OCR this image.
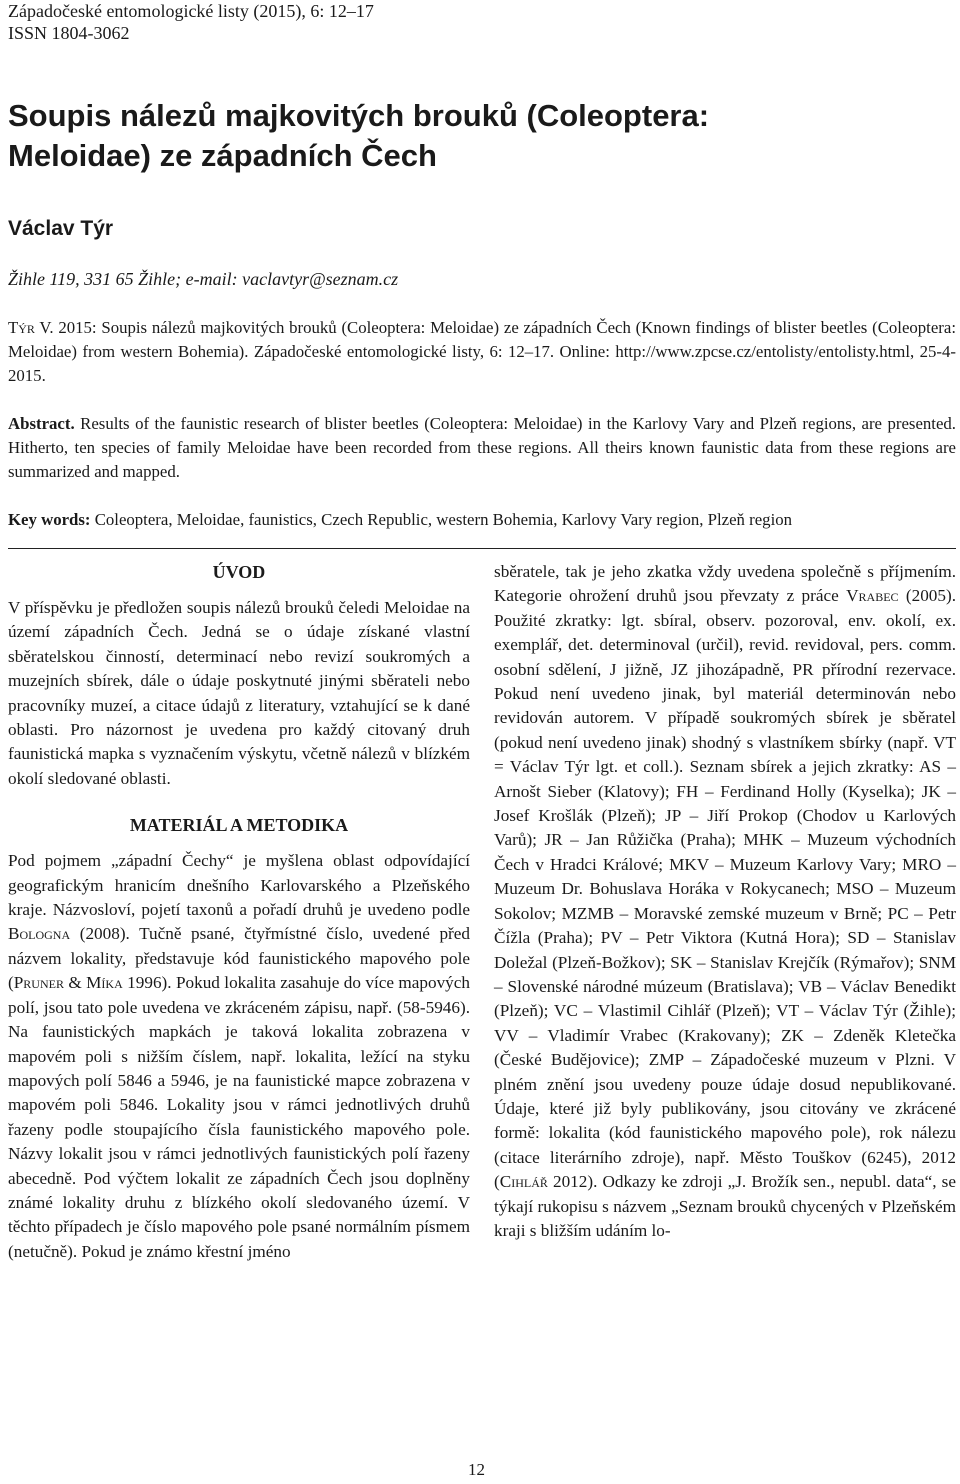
Západočeské entomologické listy (2015), 6: 12–17
ISSN 1804-3062
Soupis nálezů majkovitých brouků (Coleoptera:
Meloidae) ze západních Čech
Václav Týr
Žihle 119, 331 65 Žihle; e-mail: vaclavtyr@seznam.cz
Týr V. 2015: Soupis nálezů majkovitých brouků (Coleoptera: Meloidae) ze západních Čech (Known findings of blister beetles (Coleoptera: Meloidae) from western Bohemia). Západočeské entomologické listy, 6: 12–17. Online: http://www.zpcse.cz/entolisty/entolisty.html, 25-4-2015.
Abstract. Results of the faunistic research of blister beetles (Coleoptera: Meloidae) in the Karlovy Vary and Plzeň regions, are presented. Hitherto, ten species of family Meloidae have been recorded from these regions. All theirs known faunistic data from these regions are summarized and mapped.
Key words: Coleoptera, Meloidae, faunistics, Czech Republic, western Bohemia, Karlovy Vary region, Plzeň region
ÚVOD

V příspěvku je předložen soupis nálezů brouků čeledi Meloidae na území západních Čech. Jedná se o údaje získané vlastní sběratelskou činností, determinací nebo revizí soukromých a muzejních sbírek, dále o údaje poskytnuté jinými sběrateli nebo pracovníky muzeí, a citace údajů z literatury, vztahující se k dané oblasti. Pro názornost je uvedena pro každý citovaný druh faunistická mapka s vyznačením výskytu, včetně nálezů v blízkém okolí sledované oblasti.

MATERIÁL A METODIKA

Pod pojmem „západní Čechy“ je myšlena oblast odpovídající geografickým hranicím dnešního Karlovarského a Plzeňského kraje. Názvosloví, pojetí taxonů a pořadí druhů je uvedeno podle Bologna (2008). Tučně psané, čtyřmístné číslo, uvedené před názvem lokality, představuje kód faunistického mapového pole (Pruner & Míka 1996). Pokud lokalita zasahuje do více mapových polí, jsou tato pole uvedena ve zkráceném zápisu, např. (58-5946). Na faunistických mapkách je taková lokalita zobrazena v mapovém poli s nižším číslem, např. lokalita, ležící na styku mapových polí 5846 a 5946, je na faunistické mapce zobrazena v mapovém poli 5846. Lokality jsou v rámci jednotlivých druhů řazeny podle stoupajícího čísla faunistického mapového pole. Názvy lokalit jsou v rámci jednotlivých faunistických polí řazeny abecedně. Pod výčtem lokalit ze západních Čech jsou doplněny známé lokality druhu z blízkého okolí sledovaného území. V těchto případech je číslo mapového pole psané normálním písmem (netučně). Pokud je známo křestní jméno

sběratele, tak je jeho zkatka vždy uvedena společně s příjmením. Kategorie ohrožení druhů jsou převzaty z práce Vrabec (2005). Použité zkratky: lgt. sbíral, observ. pozoroval, env. okolí, ex. exemplář, det. determinoval (určil), revid. revidoval, pers. comm. osobní sdělení, J jižně, JZ jihozápadně, PR přírodní rezervace. Pokud není uvedeno jinak, byl materiál determinován nebo revidován autorem. V případě soukromých sbírek je sběratel (pokud není uvedeno jinak) shodný s vlastníkem sbírky (např. VT = Václav Týr lgt. et coll.). Seznam sbírek a jejich zkratky: AS – Arnošt Sieber (Klatovy); FH – Ferdinand Holly (Kyselka); JK – Josef Krošlák (Plzeň); JP – Jiří Prokop (Chodov u Karlových Varů); JR – Jan Růžička (Praha); MHK – Muzeum východních Čech v Hradci Králové; MKV – Muzeum Karlovy Vary; MRO – Muzeum Dr. Bohuslava Horáka v Rokycanech; MSO – Muzeum Sokolov; MZMB – Moravské zemské muzeum v Brně; PC – Petr Čížla (Praha); PV – Petr Viktora (Kutná Hora); SD – Stanislav Doležal (Plzeň-Božkov); SK – Stanislav Krejčík (Rýmařov); SNM – Slovenské národné múzeum (Bratislava); VB – Václav Benedikt (Plzeň); VC – Vlastimil Cihlář (Plzeň); VT – Václav Týr (Žihle); VV – Vladimír Vrabec (Krakovany); ZK – Zdeněk Kletečka (České Budějovice); ZMP – Západočeské muzeum v Plzni. V plném znění jsou uvedeny pouze údaje dosud nepublikované. Údaje, které již byly publikovány, jsou citovány ve zkrácené formě: lokalita (kód faunistického mapového pole), rok nálezu (citace literárního zdroje), např. Město Touškov (6245), 2012 (Cihlář 2012). Odkazy ke zdroji „J. Brožík sen., nepubl. data“, se týkají rukopisu s názvem „Seznam brouků chycených v Plzeňském kraji s bližším udáním lo-

12
